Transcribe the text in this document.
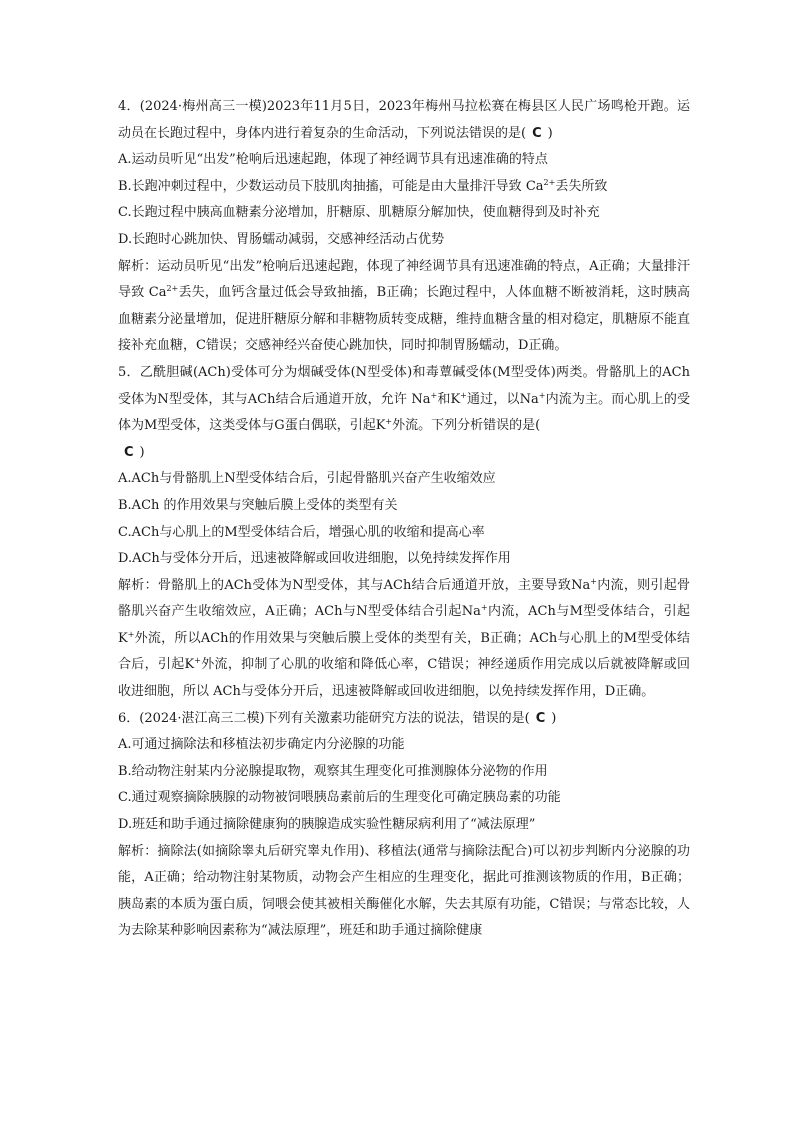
4．(2024·梅州高三一模)2023年11月5日，2023年梅州马拉松赛在梅县区人民广场鸣枪开跑。运动员在长跑过程中，身体内进行着复杂的生命活动，下列说法错误的是( C )

A.运动员听见“出发”枪响后迅速起跑，体现了神经调节具有迅速准确的特点

B.长跑冲刺过程中，少数运动员下肢肌肉抽搐，可能是由大量排汗导致 $Ca^{2+}$丢失所致

C.长跑过程中胰高血糖素分泌增加，肝糖原、肌糖原分解加快，使血糖得到及时补充

D.长跑时心跳加快、胃肠蠕动减弱，交感神经活动占优势

解析：运动员听见“出发”枪响后迅速起跑，体现了神经调节具有迅速准确的特点，A正确；大量排汗导致 $Ca^{2+}$丢失，血钙含量过低会导致抽搐，B正确；长跑过程中，人体血糖不断被消耗，这时胰高血糖素分泌量增加，促进肝糖原分解和非糖物质转变成糖，维持血糖含量的相对稳定，肌糖原不能直接补充血糖，C错误；交感神经兴奋使心跳加快，同时抑制胃肠蠕动，D正确。

5．乙酰胆碱(ACh)受体可分为烟碱受体(N型受体)和毒蕈碱受体(M型受体)两类。骨骼肌上的ACh受体为N型受体，其与ACh结合后通道开放，允许 Na+和K+通过，以Na+内流为主。而心肌上的受体为M型受体，这类受体与G蛋白偶联，引起K+外流。下列分析错误的是(
C )

A.ACh与骨骼肌上N型受体结合后，引起骨骼肌兴奋产生收缩效应

B.ACh 的作用效果与突触后膜上受体的类型有关

C.ACh与心肌上的M型受体结合后，增强心肌的收缩和提高心率

D.ACh与受体分开后，迅速被降解或回收进细胞，以免持续发挥作用

解析：骨骼肌上的ACh受体为N型受体，其与ACh结合后通道开放，主要导致Na+内流，则引起骨骼肌兴奋产生收缩效应，A正确；ACh与N型受体结合引起Na+内流，ACh与M型受体结合，引起K+外流，所以ACh的作用效果与突触后膜上受体的类型有关，B正确；ACh与心肌上的M型受体结合后，引起K+外流，抑制了心肌的收缩和降低心率，C错误；神经递质作用完成以后就被降解或回收进细胞，所以 ACh与受体分开后，迅速被降解或回收进细胞，以免持续发挥作用，D正确。

6．(2024·湛江高三二模)下列有关激素功能研究方法的说法，错误的是( C )

A.可通过摘除法和移植法初步确定内分泌腺的功能

B.给动物注射某内分泌腺提取物，观察其生理变化可推测腺体分泌物的作用

C.通过观察摘除胰腺的动物被饲喂胰岛素前后的生理变化可确定胰岛素的功能

D.班廷和助手通过摘除健康狗的胰腺造成实验性糖尿病利用了“减法原理”

解析：摘除法(如摘除睾丸后研究睾丸作用)、移植法(通常与摘除法配合)可以初步判断内分泌腺的功能，A正确；给动物注射某物质，动物会产生相应的生理变化，据此可推测该物质的作用，B正确；胰岛素的本质为蛋白质，饲喂会使其被相关酶催化水解，失去其原有功能，C错误；与常态比较，人为去除某种影响因素称为“减法原理”，班廷和助手通过摘除健康
